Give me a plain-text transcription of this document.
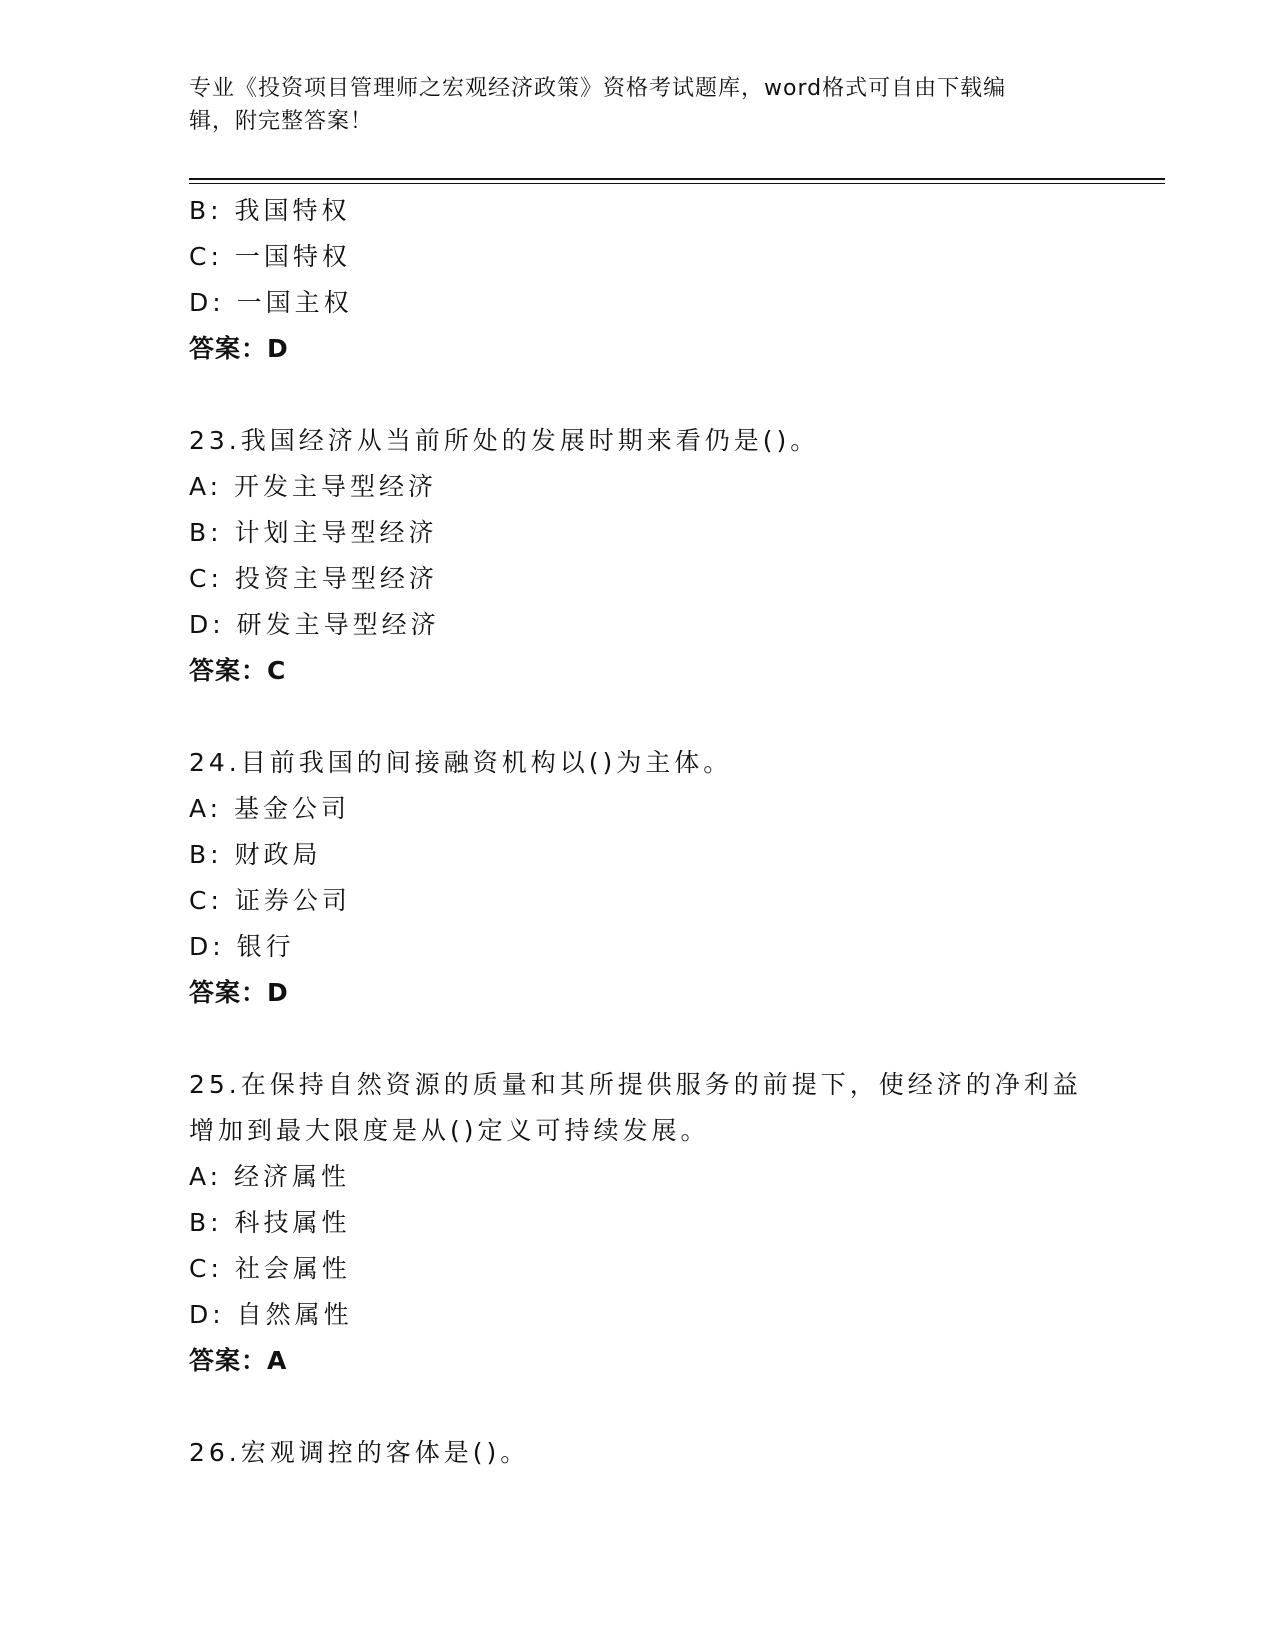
专业《投资项目管理师之宏观经济政策》资格考试题库，word格式可自由下载编
辑，附完整答案！
B: 我国特权
C: 一国特权
D: 一国主权
答案：D
23.我国经济从当前所处的发展时期来看仍是()。
A: 开发主导型经济
B: 计划主导型经济
C: 投资主导型经济
D: 研发主导型经济
答案：C
24.目前我国的间接融资机构以()为主体。
A: 基金公司
B: 财政局
C: 证券公司
D: 银行
答案：D
25.在保持自然资源的质量和其所提供服务的前提下，使经济的净利益
增加到最大限度是从()定义可持续发展。
A: 经济属性
B: 科技属性
C: 社会属性
D: 自然属性
答案：A
26.宏观调控的客体是()。
